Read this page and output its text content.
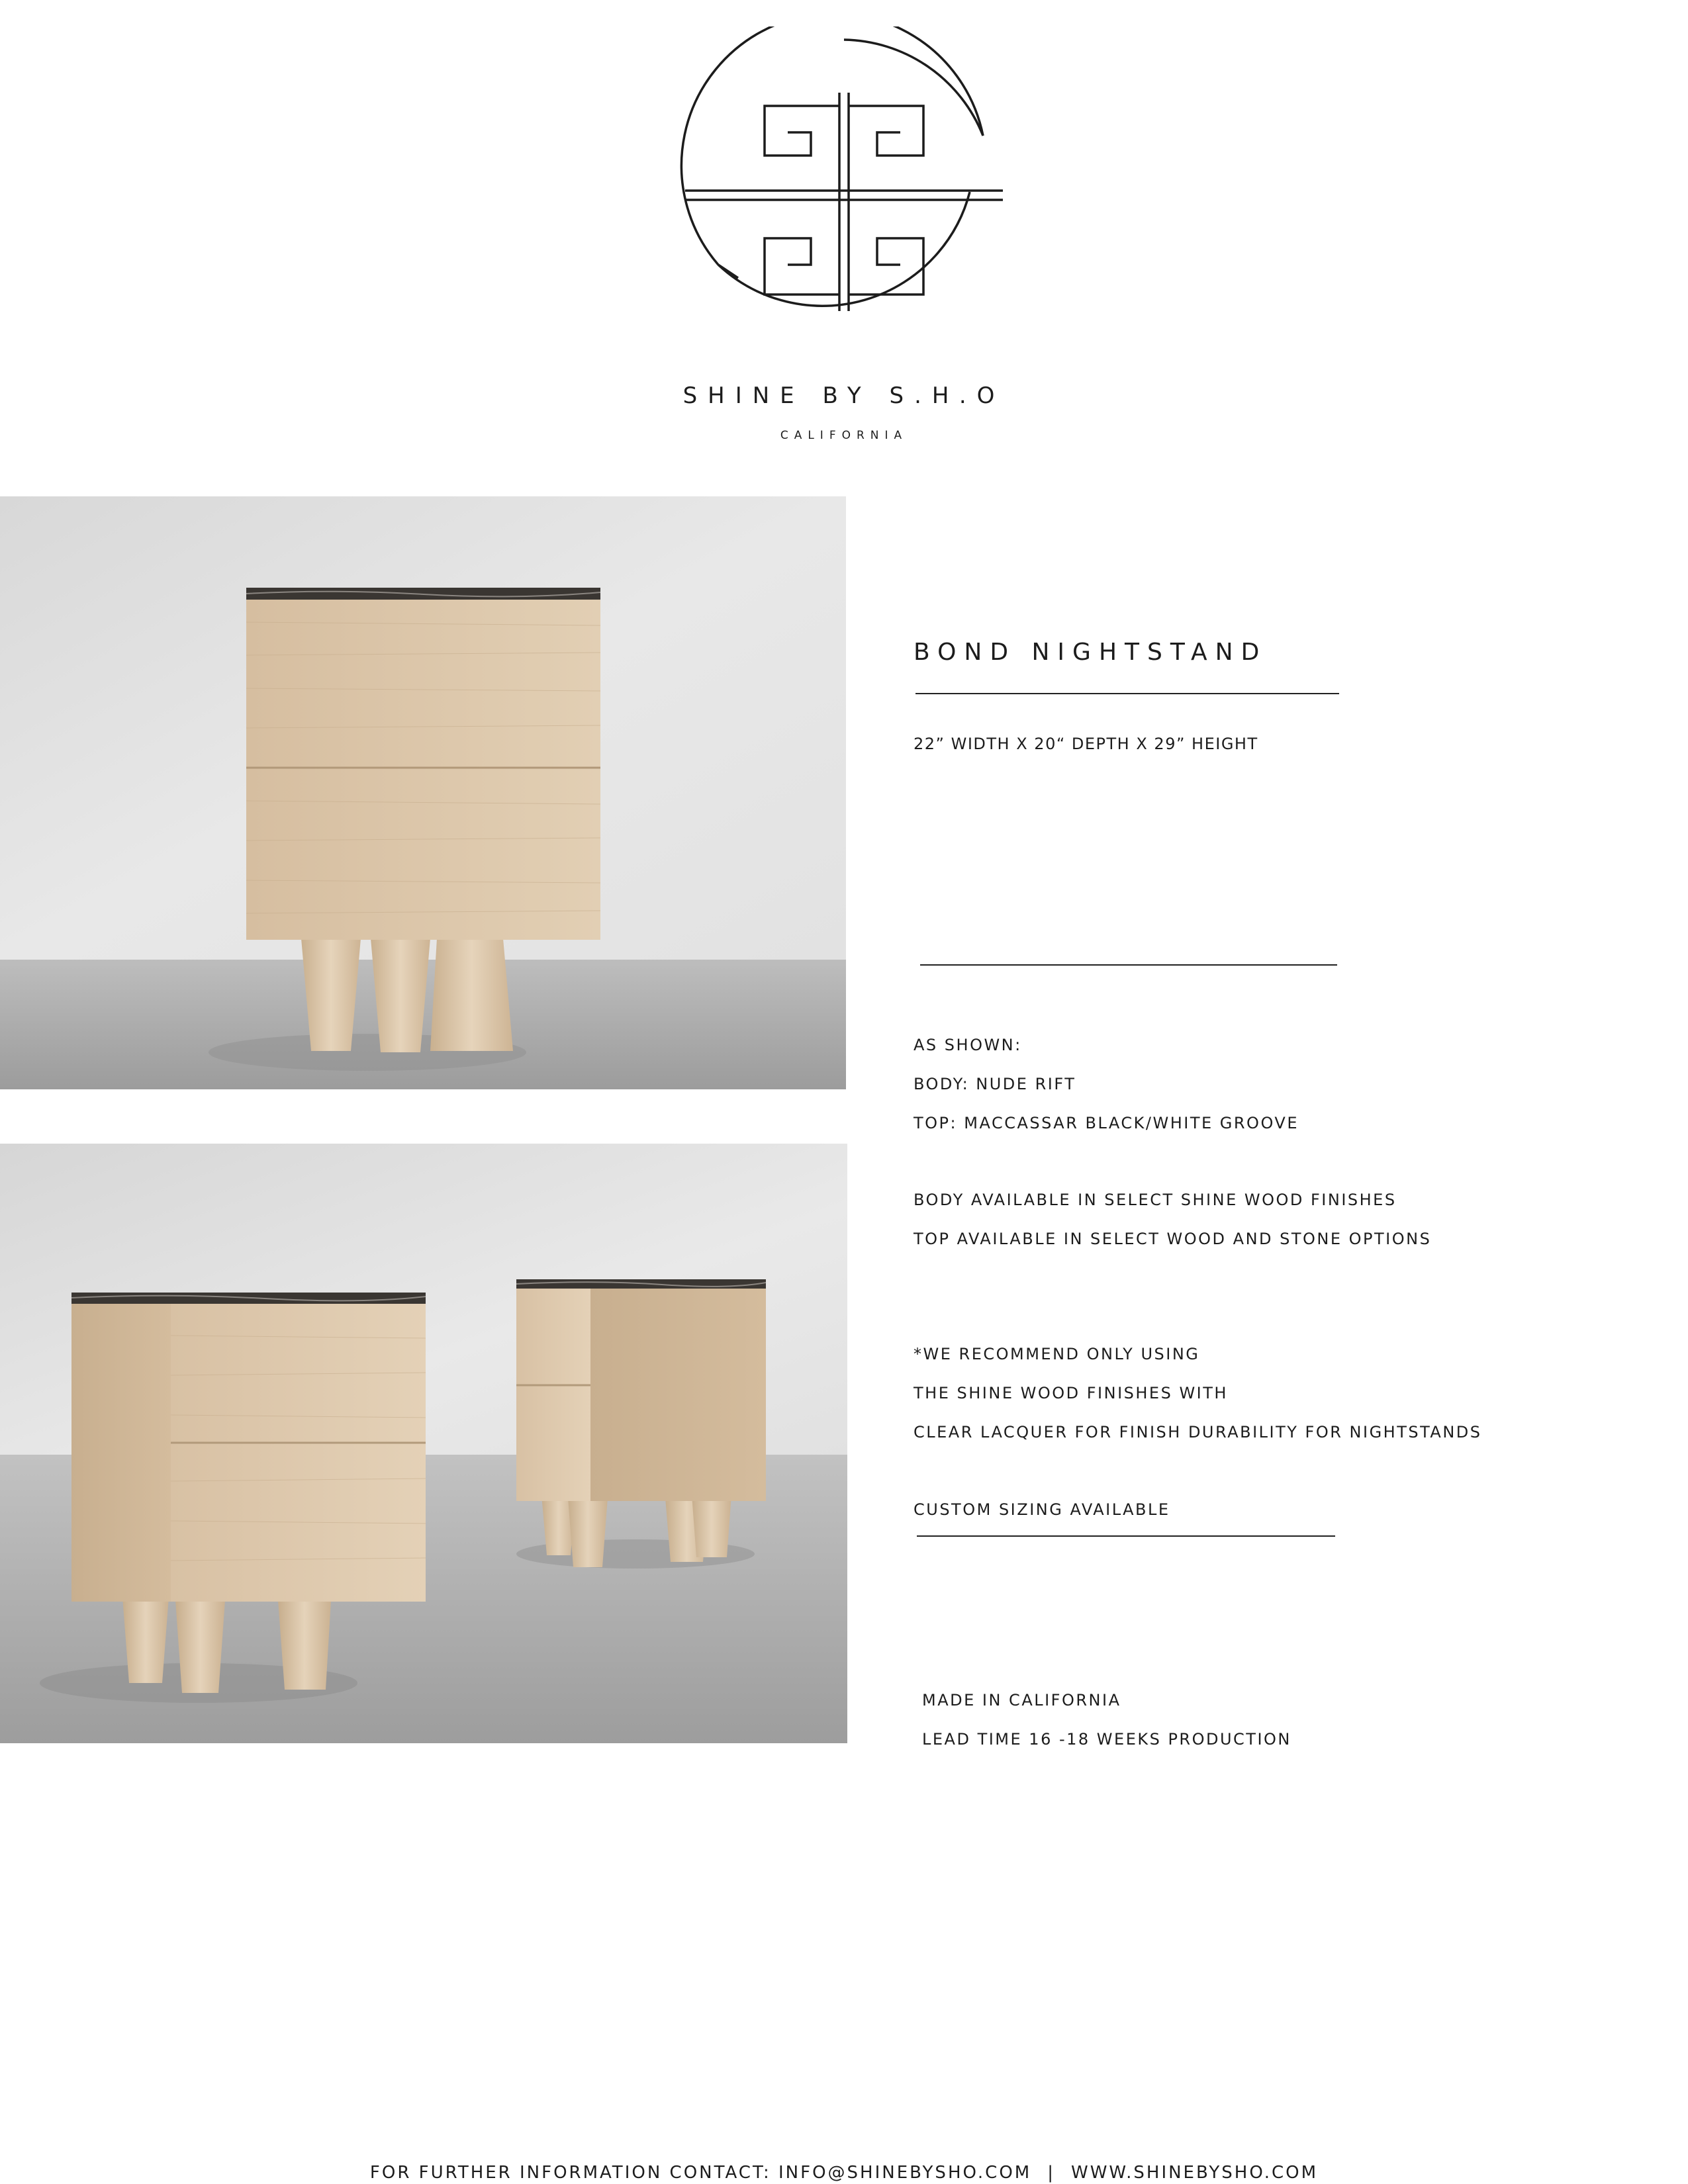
SHINE BY S.H.O
CALIFORNIA
BOND NIGHTSTAND
22” WIDTH X 20“ DEPTH X 29” HEIGHT
AS SHOWN:
BODY: NUDE RIFT
TOP: MACCASSAR BLACK/WHITE GROOVE
BODY AVAILABLE IN SELECT SHINE WOOD FINISHES
TOP AVAILABLE IN SELECT WOOD AND STONE OPTIONS
*WE RECOMMEND ONLY USING
THE SHINE WOOD FINISHES WITH
CLEAR LACQUER FOR FINISH DURABILITY FOR NIGHTSTANDS
CUSTOM SIZING AVAILABLE
MADE IN CALIFORNIA
LEAD TIME 16 -18 WEEKS PRODUCTION
FOR FURTHER INFORMATION CONTACT: INFO@SHINEBYSHO.COM | WWW.SHINEBYSHO.COM
